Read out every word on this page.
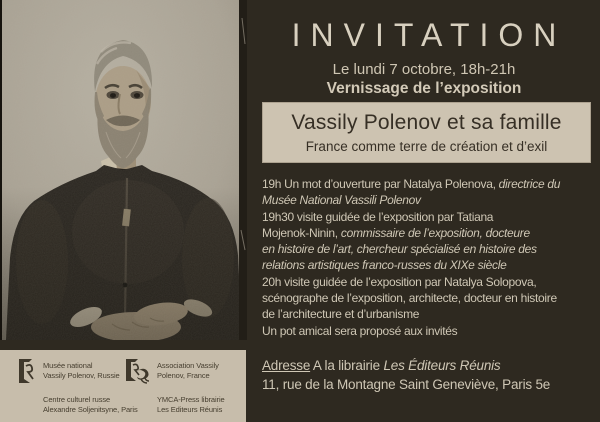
INVITATION
Le lundi 7 octobre, 18h-21h
Vernissage de l’exposition
Vassily Polenov et sa famille
France comme terre de création et d’exil
19h Un mot d’ouverture par Natalya Polenova, directrice du
Musée National Vassili Polenov
19h30 visite guidée de l’exposition par Tatiana
Mojenok-Ninin, commissaire de l’exposition, docteure
en histoire de l’art, chercheur spécialisé en histoire des
relations artistiques franco-russes du XIXe siècle
20h visite guidée de l’exposition par Natalya Solopova,
scénographe de l’exposition, architecte, docteur en histoire
de l’architecture et d’urbanisme
Un pot amical sera proposé aux invités
Adresse A la librairie Les Éditeurs Réunis
11, rue de la Montagne Saint Geneviève, Paris 5e
Musée national
Vassily Polenov, Russie
Association Vassily
Polenov, France
Centre culturel russe
Alexandre Soljenitsyne, Paris
YMCA-Press librairie
Les Editeurs Réunis
